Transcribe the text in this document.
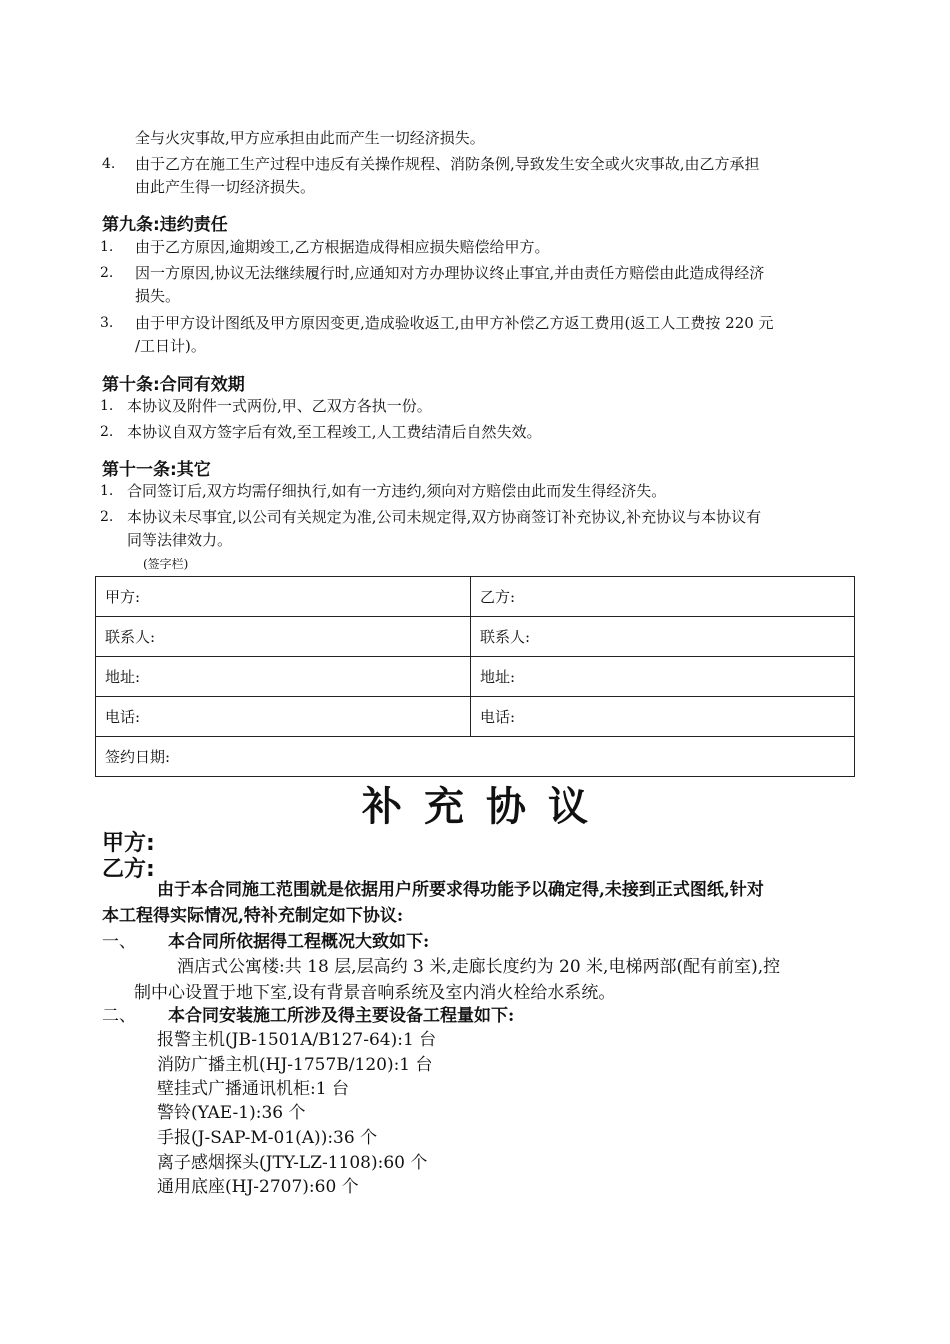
全与火灾事故,甲方应承担由此而产生一切经济损失。
4. 由于乙方在施工生产过程中违反有关操作规程、消防条例,导致发生安全或火灾事故,由乙方承担
由此产生得一切经济损失。
第九条:违约责任
1. 由于乙方原因,逾期竣工,乙方根据造成得相应损失赔偿给甲方。
2. 因一方原因,协议无法继续履行时,应通知对方办理协议终止事宜,并由责任方赔偿由此造成得经济
损失。
3. 由于甲方设计图纸及甲方原因变更,造成验收返工,由甲方补偿乙方返工费用(返工人工费按 220 元
/工日计)。
第十条:合同有效期
1. 本协议及附件一式两份,甲、乙双方各执一份。
2. 本协议自双方签字后有效,至工程竣工,人工费结清后自然失效。
第十一条:其它
1. 合同签订后,双方均需仔细执行,如有一方违约,须向对方赔偿由此而发生得经济失。
2. 本协议未尽事宜,以公司有关规定为准,公司未规定得,双方协商签订补充协议,补充协议与本协议有
同等法律效力。
(签字栏)
甲方:	乙方:
联系人:	联系人:
地址:	地址:
电话:	电话:
签约日期:	
补充协议
甲方:
乙方:
由于本合同施工范围就是依据用户所要求得功能予以确定得,未接到正式图纸,针对
本工程得实际情况,特补充制定如下协议:
一、 本合同所依据得工程概况大致如下:
酒店式公寓楼:共 18 层,层高约 3 米,走廊长度约为 20 米,电梯两部(配有前室),控
制中心设置于地下室,设有背景音响系统及室内消火栓给水系统。
二、 本合同安装施工所涉及得主要设备工程量如下:
报警主机(JB-1501A/B127-64):1 台
消防广播主机(HJ-1757B/120):1 台
壁挂式广播通讯机柜:1 台
警铃(YAE-1):36 个
手报(J-SAP-M-01(A)):36 个
离子感烟探头(JTY-LZ-1108):60 个
通用底座(HJ-2707):60 个
